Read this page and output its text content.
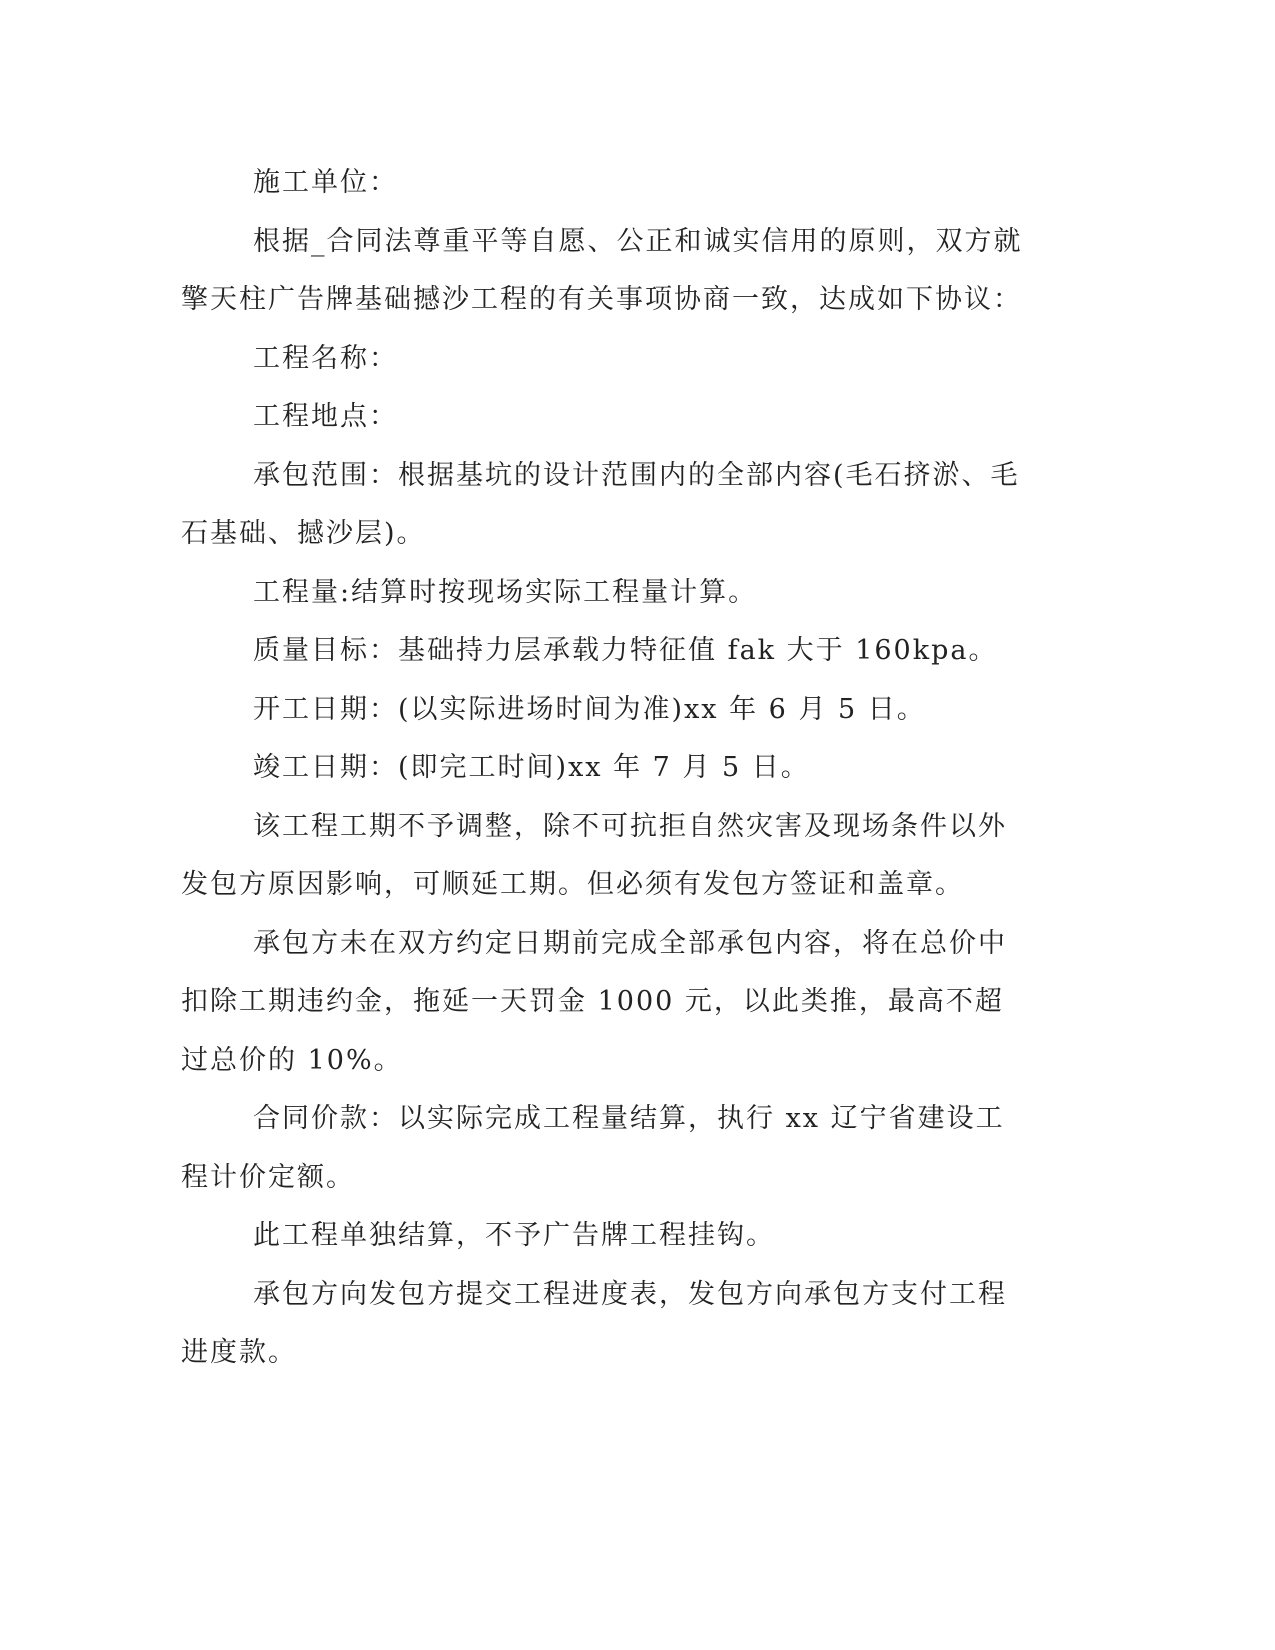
施工单位：

根据_合同法尊重平等自愿、公正和诚实信用的原则，双方就擎天柱广告牌基础撼沙工程的有关事项协商一致，达成如下协议：

工程名称：

工程地点：

承包范围：根据基坑的设计范围内的全部内容(毛石挤淤、毛石基础、撼沙层)。

工程量:结算时按现场实际工程量计算。

质量目标：基础持力层承载力特征值 fak 大于 160kpa。

开工日期：(以实际进场时间为准)xx 年 6 月 5 日。

竣工日期：(即完工时间)xx 年 7 月 5 日。

该工程工期不予调整，除不可抗拒自然灾害及现场条件以外发包方原因影响，可顺延工期。但必须有发包方签证和盖章。

承包方未在双方约定日期前完成全部承包内容，将在总价中扣除工期违约金，拖延一天罚金 1000 元，以此类推，最高不超过总价的 10%。

合同价款：以实际完成工程量结算，执行 xx 辽宁省建设工程计价定额。

此工程单独结算，不予广告牌工程挂钩。

承包方向发包方提交工程进度表，发包方向承包方支付工程进度款。
